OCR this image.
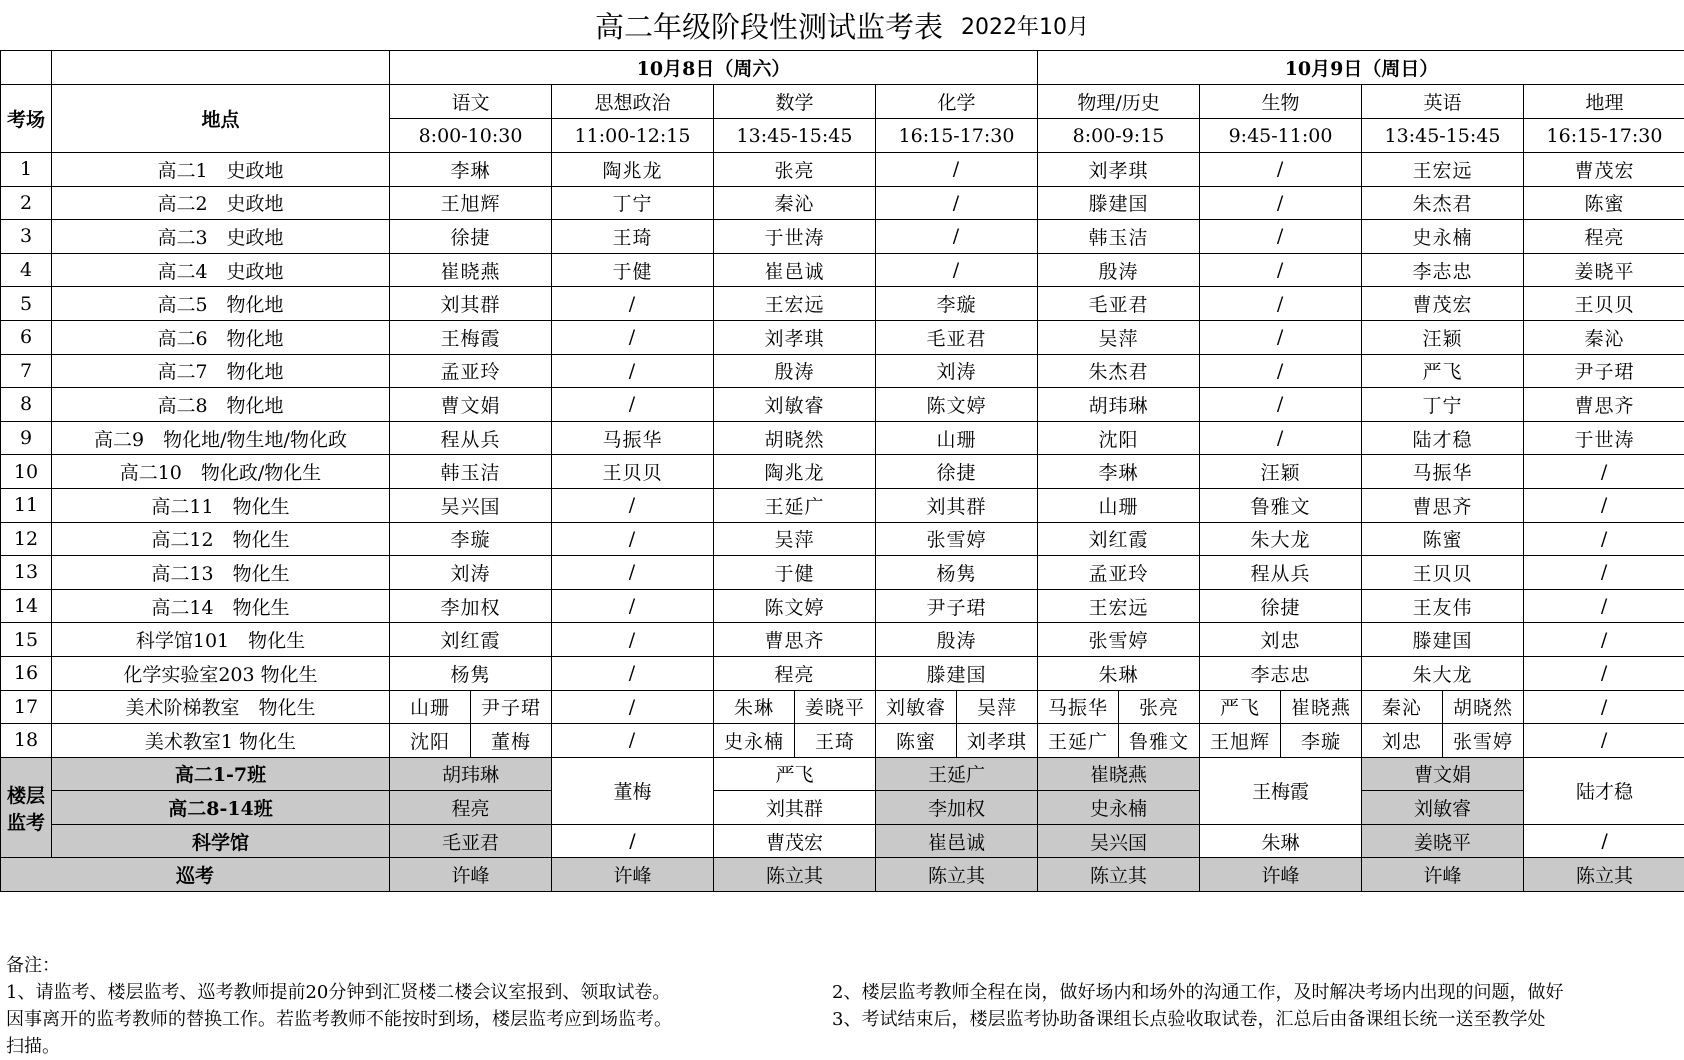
高二年级阶段性测试监考表 2022年10月
		10月8日（周六）							10月9日（周日）						
考场	地点	语文		思想政治	数学		化学		物理/历史		生物		英语		地理
		8:00-10:30		11:00-12:15	13:45-15:45		16:15-17:30		8:00-9:15		9:45-11:00		13:45-15:45		16:15-17:30
1	高二1　史政地	李琳		陶兆龙	张亮		/		刘孝琪		/		王宏远		曹茂宏
2	高二2　史政地	王旭辉		丁宁	秦沁		/		滕建国		/		朱杰君		陈蜜
3	高二3　史政地	徐捷		王琦	于世涛		/		韩玉洁		/		史永楠		程亮
4	高二4　史政地	崔晓燕		于健	崔邑诚		/		殷涛		/		李志忠		姜晓平
5	高二5　物化地	刘其群		/	王宏远		李璇		毛亚君		/		曹茂宏		王贝贝
6	高二6　物化地	王梅霞		/	刘孝琪		毛亚君		吴萍		/		汪颖		秦沁
7	高二7　物化地	孟亚玲		/	殷涛		刘涛		朱杰君		/		严飞		尹子珺
8	高二8　物化地	曹文娟		/	刘敏睿		陈文婷		胡玮琳		/		丁宁		曹思齐
9	高二9　物化地/物生地/物化政	程从兵		马振华	胡晓然		山珊		沈阳		/		陆才稳		于世涛
10	高二10　物化政/物化生	韩玉洁		王贝贝	陶兆龙		徐捷		李琳		汪颖		马振华		/
11	高二11　物化生	吴兴国		/	王延广		刘其群		山珊		鲁雅文		曹思齐		/
12	高二12　物化生	李璇		/	吴萍		张雪婷		刘红霞		朱大龙		陈蜜		/
13	高二13　物化生	刘涛		/	于健		杨隽		孟亚玲		程从兵		王贝贝		/
14	高二14　物化生	李加权		/	陈文婷		尹子珺		王宏远		徐捷		王友伟		/
15	科学馆101　物化生	刘红霞		/	曹思齐		殷涛		张雪婷		刘忠		滕建国		/
16	化学实验室203 物化生	杨隽		/	程亮		滕建国		朱琳		李志忠		朱大龙		/
17	美术阶梯教室　物化生	山珊	尹子珺	/	朱琳	姜晓平	刘敏睿	吴萍	马振华	张亮	严飞	崔晓燕	秦沁	胡晓然	/
18	美术教室1 物化生	沈阳	董梅	/	史永楠	王琦	陈蜜	刘孝琪	王延广	鲁雅文	王旭辉	李璇	刘忠	张雪婷	/

楼层
监考	高二1-7班	胡玮琳		董梅	严飞		王延广		崔晓燕		王梅霞		曹文娟		陆才稳
	高二8-14班	程亮			刘其群		李加权		史永楠				刘敏睿		
	科学馆	毛亚君		/	曹茂宏		崔邑诚		吴兴国		朱琳		姜晓平		/
巡考		许峰		许峰	陈立其		陈立其		陈立其		许峰		许峰		陈立其
备注：
1、请监考、楼层监考、巡考教师提前20分钟到汇贤楼二楼会议室报到、领取试卷。	2、楼层监考教师全程在岗，做好场内和场外的沟通工作，及时解决考场内出现的问题，做好
因事离开的监考教师的替换工作。若监考教师不能按时到场，楼层监考应到场监考。	3、考试结束后，楼层监考协助备课组长点验收取试卷，汇总后由备课组长统一送至教学处
扫描。
